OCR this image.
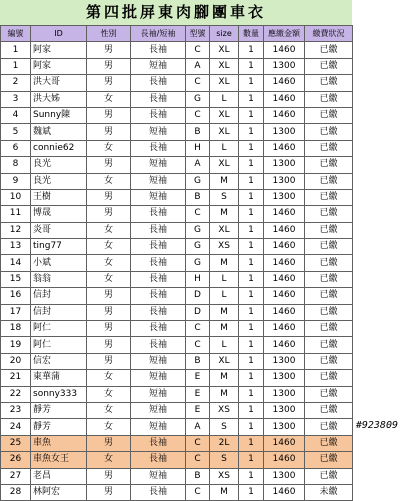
第四批屏東肉腳團車衣
編號	ID	性別	長袖/短袖	型號	size	數量	應繳金額	繳費狀況
1	阿家	男	長袖	C	XL	1	1460	已繳
1	阿家	男	短袖	A	XL	1	1300	已繳
2	洪大哥	男	長袖	C	XL	1	1460	已繳
3	洪大姊	女	長袖	G	L	1	1460	已繳
4	Sunny陳	男	長袖	C	XL	1	1460	已繳
5	魏斌	男	短袖	B	XL	1	1300	已繳
6	connie62	女	長袖	H	L	1	1460	已繳
8	良光	男	短袖	A	XL	1	1300	已繳
9	良光	女	短袖	G	M	1	1300	已繳
10	王樹	男	短袖	B	S	1	1300	已繳
11	博晟	男	長袖	C	M	1	1460	已繳
12	炎哥	女	長袖	G	XL	1	1460	已繳
13	ting77	女	長袖	G	XS	1	1460	已繳
14	小斌	女	長袖	G	M	1	1460	已繳
15	翁翁	女	長袖	H	L	1	1460	已繳
16	信封	男	長袖	D	L	1	1460	已繳
17	信封	男	長袖	D	M	1	1460	已繳
18	阿仁	男	長袖	C	M	1	1460	已繳
19	阿仁	男	長袖	C	L	1	1460	已繳
20	信宏	男	短袖	B	XL	1	1300	已繳
21	東華蒲	女	短袖	E	M	1	1300	已繳
22	sonny333	女	短袖	E	M	1	1300	已繳
23	靜芳	女	短袖	E	XS	1	1300	已繳
24	靜芳	女	短袖	A	S	1	1300	已繳
25	車魚	男	長袖	C	2L	1	1460	已繳
26	車魚女王	女	長袖	C	S	1	1460	已繳
27	老昌	男	短袖	B	XS	1	1300	已繳
28	林阿宏	男	長袖	C	M	1	1460	未繳
#923809
